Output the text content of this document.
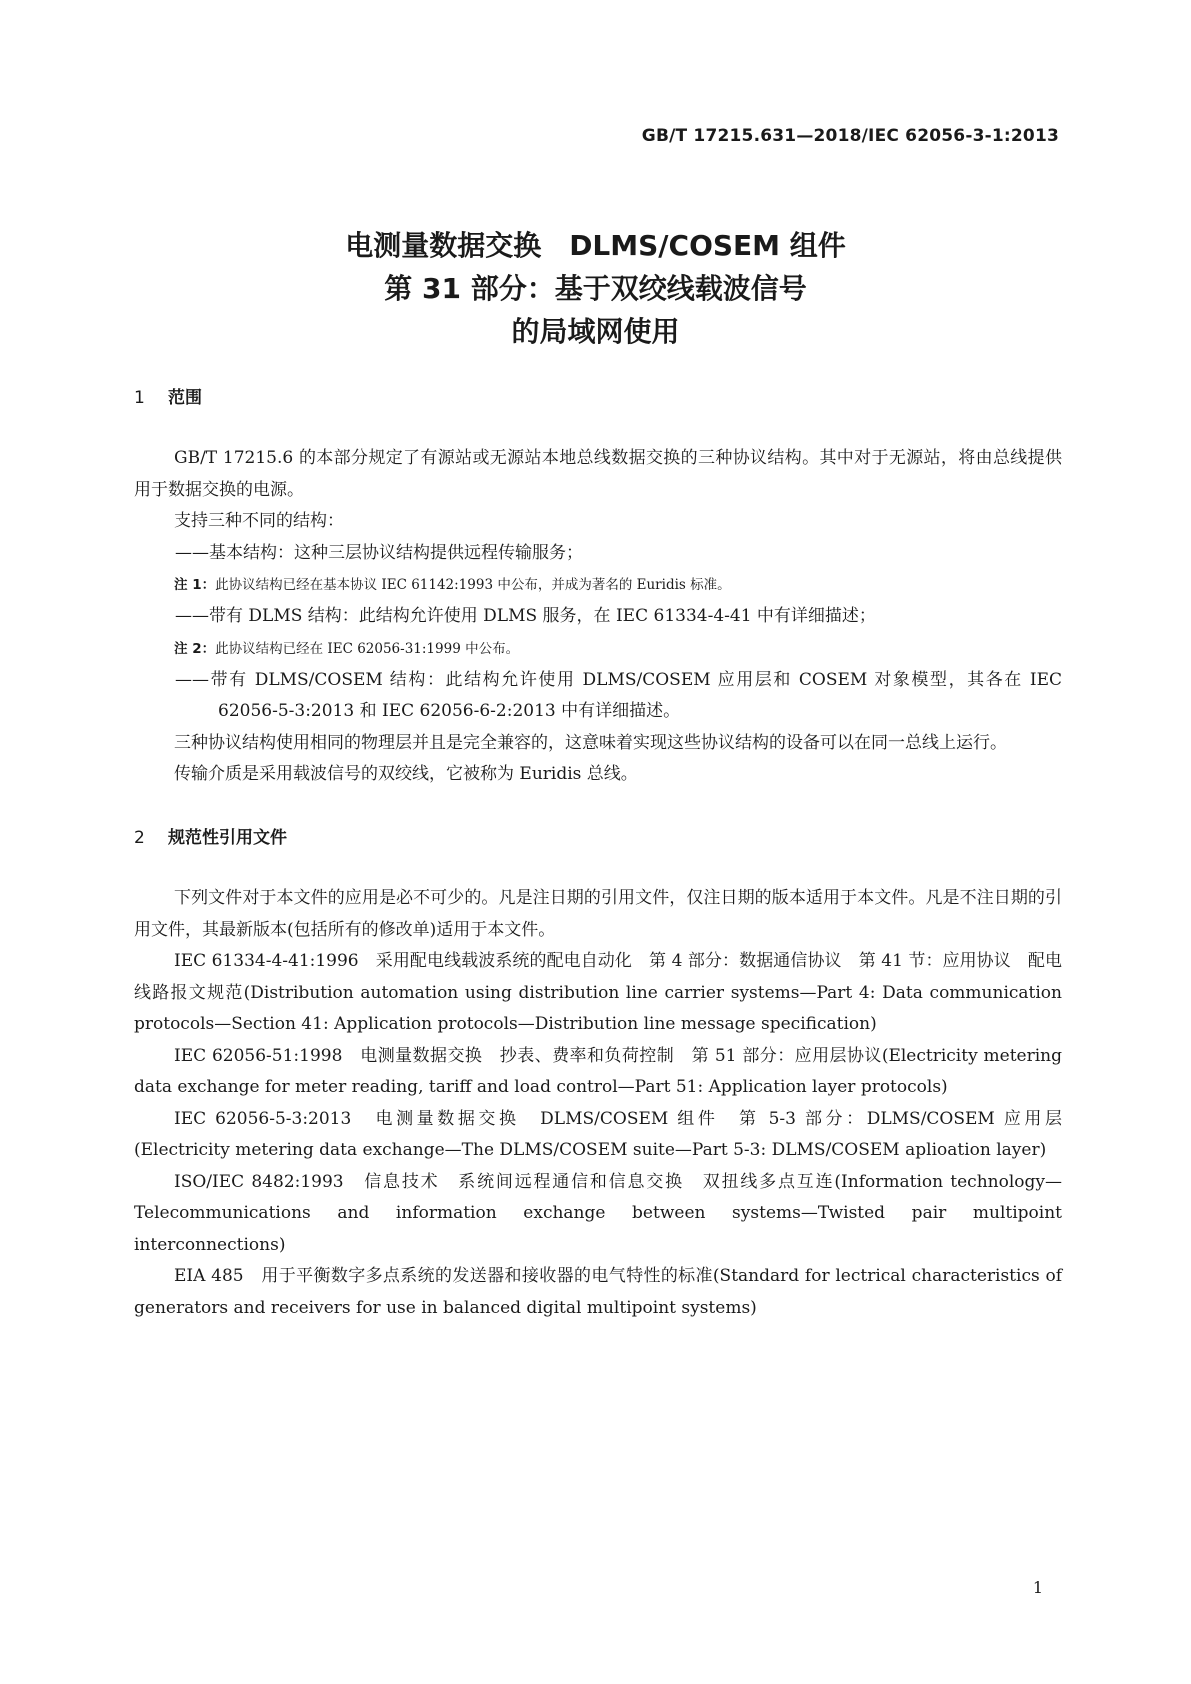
GB/T 17215.631—2018/IEC 62056-3-1:2013
电测量数据交换　DLMS/COSEM 组件
第 31 部分：基于双绞线载波信号
的局域网使用
1 范围
GB/T 17215.6 的本部分规定了有源站或无源站本地总线数据交换的三种协议结构。其中对于无源站，将由总线提供用于数据交换的电源。
支持三种不同的结构：
——基本结构：这种三层协议结构提供远程传输服务；
注 1：此协议结构已经在基本协议 IEC 61142:1993 中公布，并成为著名的 Euridis 标准。
——带有 DLMS 结构：此结构允许使用 DLMS 服务，在 IEC 61334-4-41 中有详细描述；
注 2：此协议结构已经在 IEC 62056-31:1999 中公布。
——带有 DLMS/COSEM 结构：此结构允许使用 DLMS/COSEM 应用层和 COSEM 对象模型，其各在 IEC 62056-5-3:2013 和 IEC 62056-6-2:2013 中有详细描述。
三种协议结构使用相同的物理层并且是完全兼容的，这意味着实现这些协议结构的设备可以在同一总线上运行。
传输介质是采用载波信号的双绞线，它被称为 Euridis 总线。
2 规范性引用文件
下列文件对于本文件的应用是必不可少的。凡是注日期的引用文件，仅注日期的版本适用于本文件。凡是不注日期的引用文件，其最新版本(包括所有的修改单)适用于本文件。
IEC 61334-4-41:1996　采用配电线载波系统的配电自动化　第 4 部分：数据通信协议　第 41 节：应用协议　配电线路报文规范(Distribution automation using distribution line carrier systems—Part 4: Data communication protocols—Section 41: Application protocols—Distribution line message specification)
IEC 62056-51:1998　电测量数据交换　抄表、费率和负荷控制　第 51 部分：应用层协议(Electricity metering data exchange for meter reading, tariff and load control—Part 51: Application layer protocols)
IEC 62056-5-3:2013　电测量数据交换　DLMS/COSEM 组件　第 5-3 部分：DLMS/COSEM 应用层(Electricity metering data exchange—The DLMS/COSEM suite—Part 5-3: DLMS/COSEM aplioation layer)
ISO/IEC 8482:1993　信息技术　系统间远程通信和信息交换　双扭线多点互连(Information technology—Telecommunications and information exchange between systems—Twisted pair multipoint interconnections)
EIA 485　用于平衡数字多点系统的发送器和接收器的电气特性的标准(Standard for lectrical characteristics of generators and receivers for use in balanced digital multipoint systems)
1
